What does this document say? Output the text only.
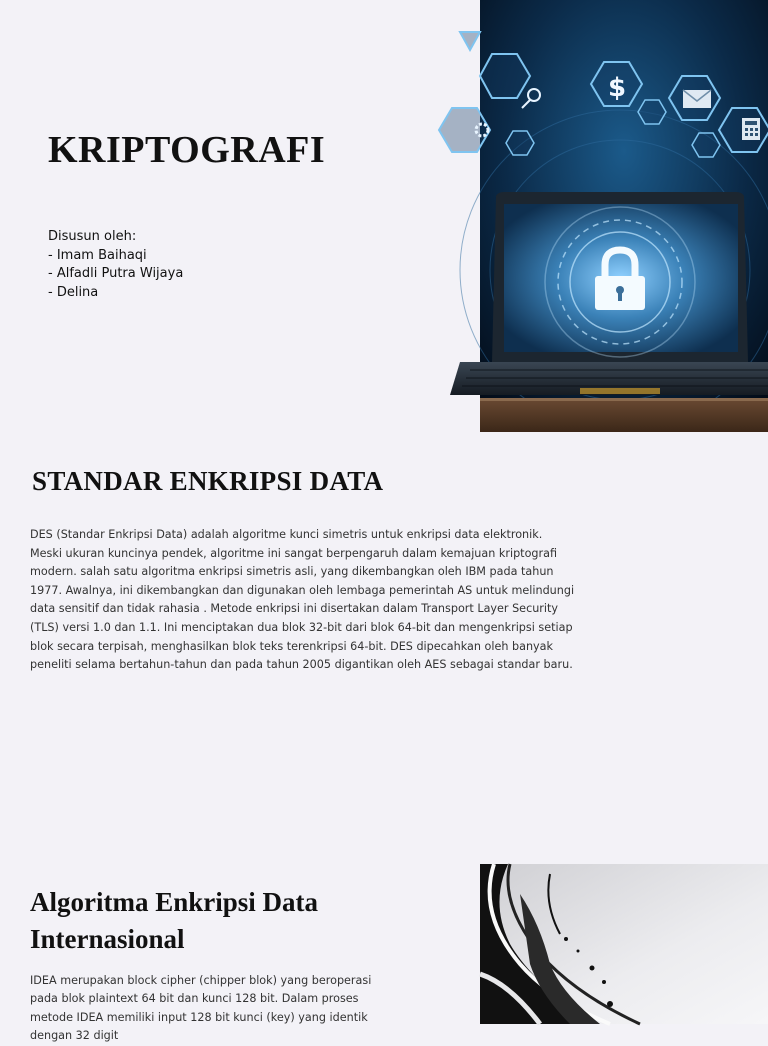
KRIPTOGRAFI
Disusun oleh:
- Imam Baihaqi
- Alfadli Putra Wijaya
- Delina
$
STANDAR ENKRIPSI DATA

DES (Standar Enkripsi Data) adalah algoritme kunci simetris untuk enkripsi data elektronik. Meski ukuran kuncinya pendek, algoritme ini sangat berpengaruh dalam kemajuan kriptografi modern. salah satu algoritma enkripsi simetris asli, yang dikembangkan oleh IBM pada tahun 1977. Awalnya, ini dikembangkan dan digunakan oleh lembaga pemerintah AS untuk melindungi data sensitif dan tidak rahasia . Metode enkripsi ini disertakan dalam Transport Layer Security (TLS) versi 1.0 dan 1.1. Ini menciptakan dua blok 32-bit dari blok 64-bit dan mengenkripsi setiap blok secara terpisah, menghasilkan blok teks terenkripsi 64-bit. DES dipecahkan oleh banyak peneliti selama bertahun-tahun dan pada tahun 2005 digantikan oleh AES sebagai standar baru.

Algoritma Enkripsi Data Internasional

IDEA merupakan block cipher (chipper blok) yang beroperasi pada blok plaintext 64 bit dan kunci 128 bit. Dalam proses metode IDEA memiliki input 128 bit kunci (key) yang identik dengan 32 digit
